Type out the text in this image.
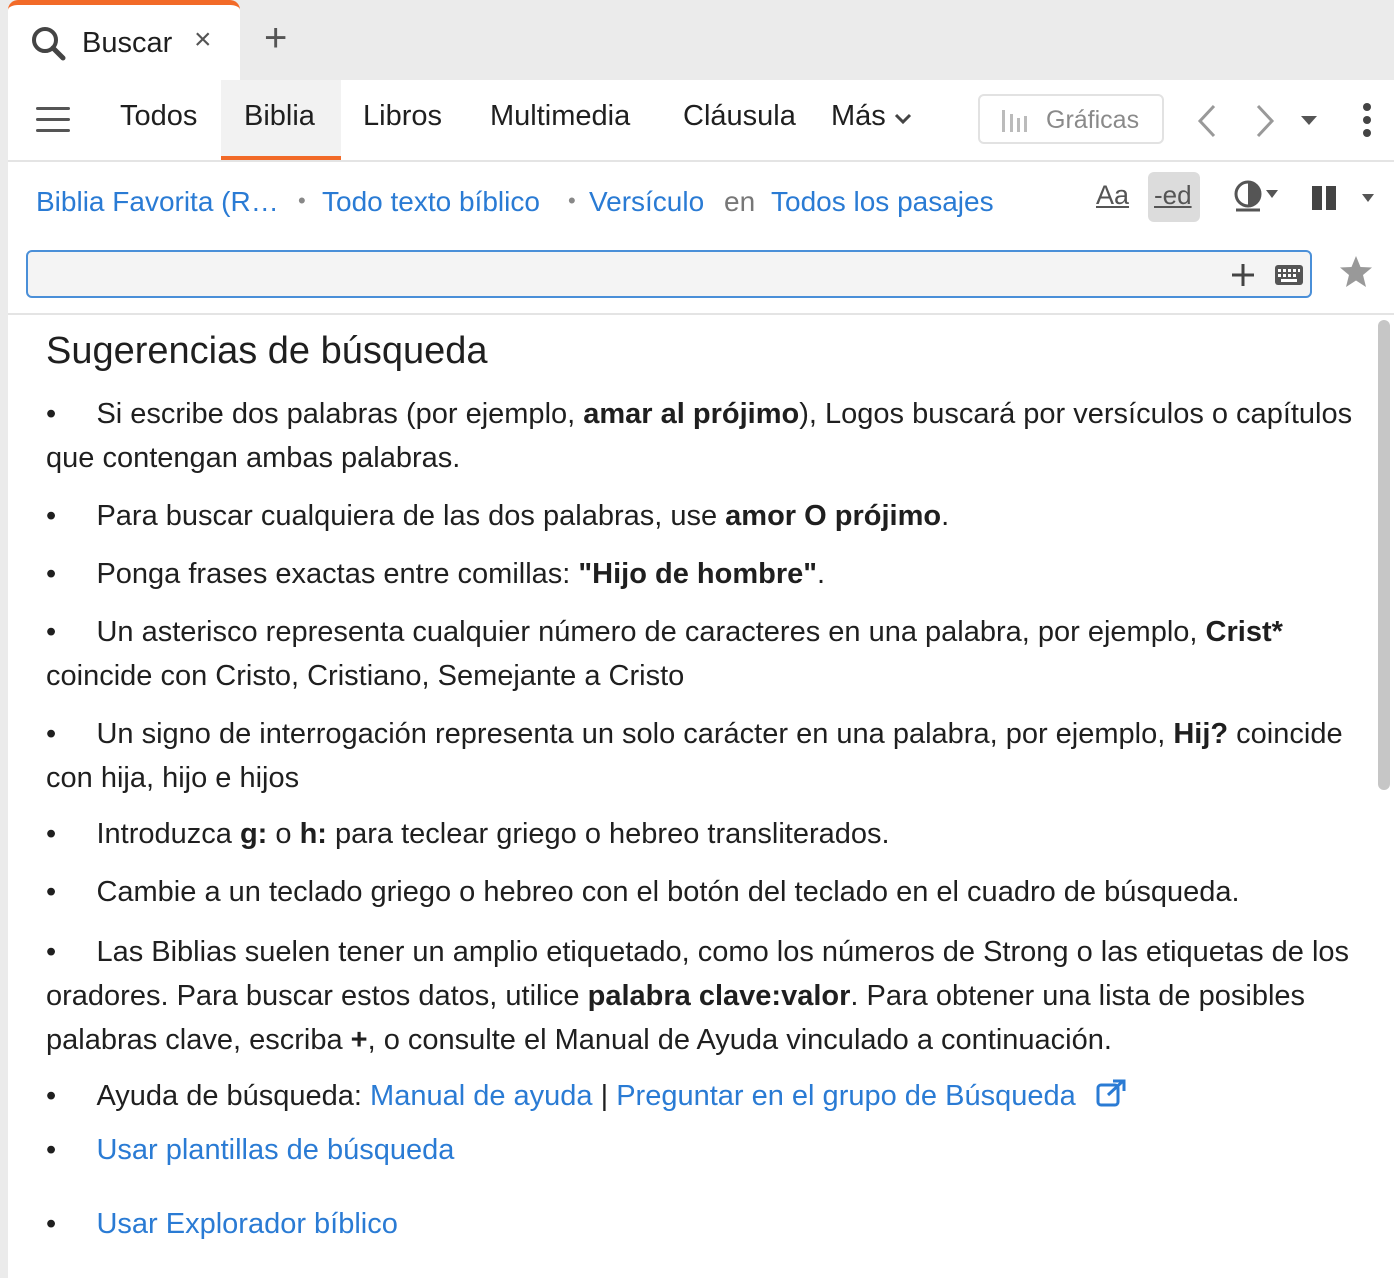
Buscar × +
Todos Biblia Libros Multimedia Cláusula Más	Gráficas
Biblia Favorita (R… • Todo texto bíblico • Versículo en Todos los pasajes	Aa -ed
Sugerencias de búsqueda
•     Si escribe dos palabras (por ejemplo, amar al prójimo), Logos buscará por versículos o capítulos que contengan ambas palabras.
•     Para buscar cualquiera de las dos palabras, use amor O prójimo.
•     Ponga frases exactas entre comillas: "Hijo de hombre".
•     Un asterisco representa cualquier número de caracteres en una palabra, por ejemplo, Crist* coincide con Cristo, Cristiano, Semejante a Cristo
•     Un signo de interrogación representa un solo carácter en una palabra, por ejemplo, Hij? coincide con hija, hijo e hijos
•     Introduzca g: o h: para teclear griego o hebreo transliterados.
•     Cambie a un teclado griego o hebreo con el botón del teclado en el cuadro de búsqueda.
•     Las Biblias suelen tener un amplio etiquetado, como los números de Strong o las etiquetas de los oradores. Para buscar estos datos, utilice palabra clave:valor. Para obtener una lista de posibles palabras clave, escriba +, o consulte el Manual de Ayuda vinculado a continuación.
•     Ayuda de búsqueda: Manual de ayuda | Preguntar en el grupo de Búsqueda
•     Usar plantillas de búsqueda
•     Usar Explorador bíblico
